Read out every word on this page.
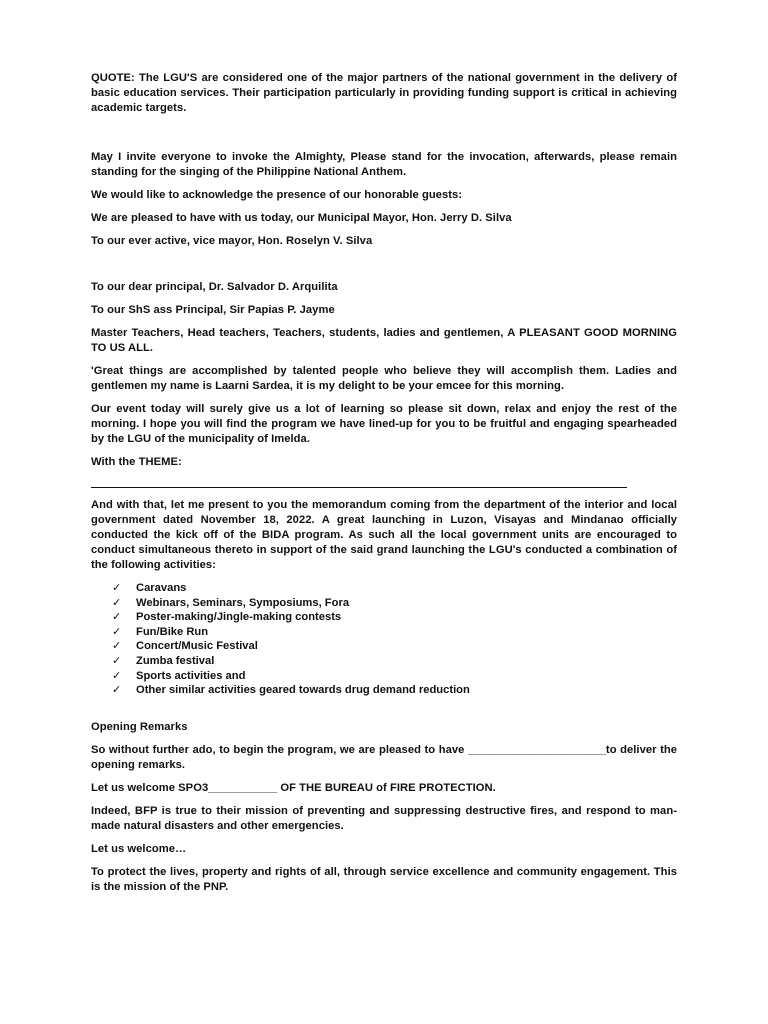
QUOTE: The LGU'S are considered one of the major partners of the national government in the delivery of basic education services. Their participation particularly in providing funding support is critical in achieving academic targets.

May I invite everyone to invoke the Almighty, Please stand for the invocation, afterwards, please remain standing for the singing of the Philippine National Anthem.

We would like to acknowledge the presence of our honorable guests:

We are pleased to have with us today, our Municipal Mayor, Hon. Jerry D. Silva

To our ever active, vice mayor, Hon. Roselyn V. Silva

To our dear principal, Dr. Salvador D. Arquilita

To our ShS ass Principal, Sir Papias P. Jayme

Master Teachers, Head teachers, Teachers, students, ladies and gentlemen, A PLEASANT GOOD MORNING TO US ALL.

'Great things are accomplished by talented people who believe they will accomplish them. Ladies and gentlemen my name is Laarni Sardea, it is my delight to be your emcee for this morning.

Our event today will surely give us a lot of learning so please sit down, relax and enjoy the rest of the morning. I hope you will find the program we have lined-up for you to be fruitful and engaging spearheaded by the LGU of the municipality of Imelda.

With the THEME:

And with that, let me present to you the memorandum coming from the department of the interior and local government dated November 18, 2022. A great launching in Luzon, Visayas and Mindanao officially conducted the kick off of the BIDA program. As such all the local government units are encouraged to conduct simultaneous thereto in support of the said grand launching the LGU's conducted a combination of the following activities:

✓	Caravans
✓	Webinars, Seminars, Symposiums, Fora
✓	Poster-making/Jingle-making contests
✓	Fun/Bike Run
✓	Concert/Music Festival
✓	Zumba festival
✓	Sports activities and
✓	Other similar activities geared towards drug demand reduction

Opening Remarks

So without further ado, to begin the program, we are pleased to have ______________________to deliver the opening remarks.

Let us welcome SPO3___________ OF THE BUREAU of FIRE PROTECTION.

Indeed, BFP is true to their mission of preventing and suppressing destructive fires, and respond to man-made natural disasters and other emergencies.

Let us welcome…

To protect the lives, property and rights of all, through service excellence and community engagement. This is the mission of the PNP.
